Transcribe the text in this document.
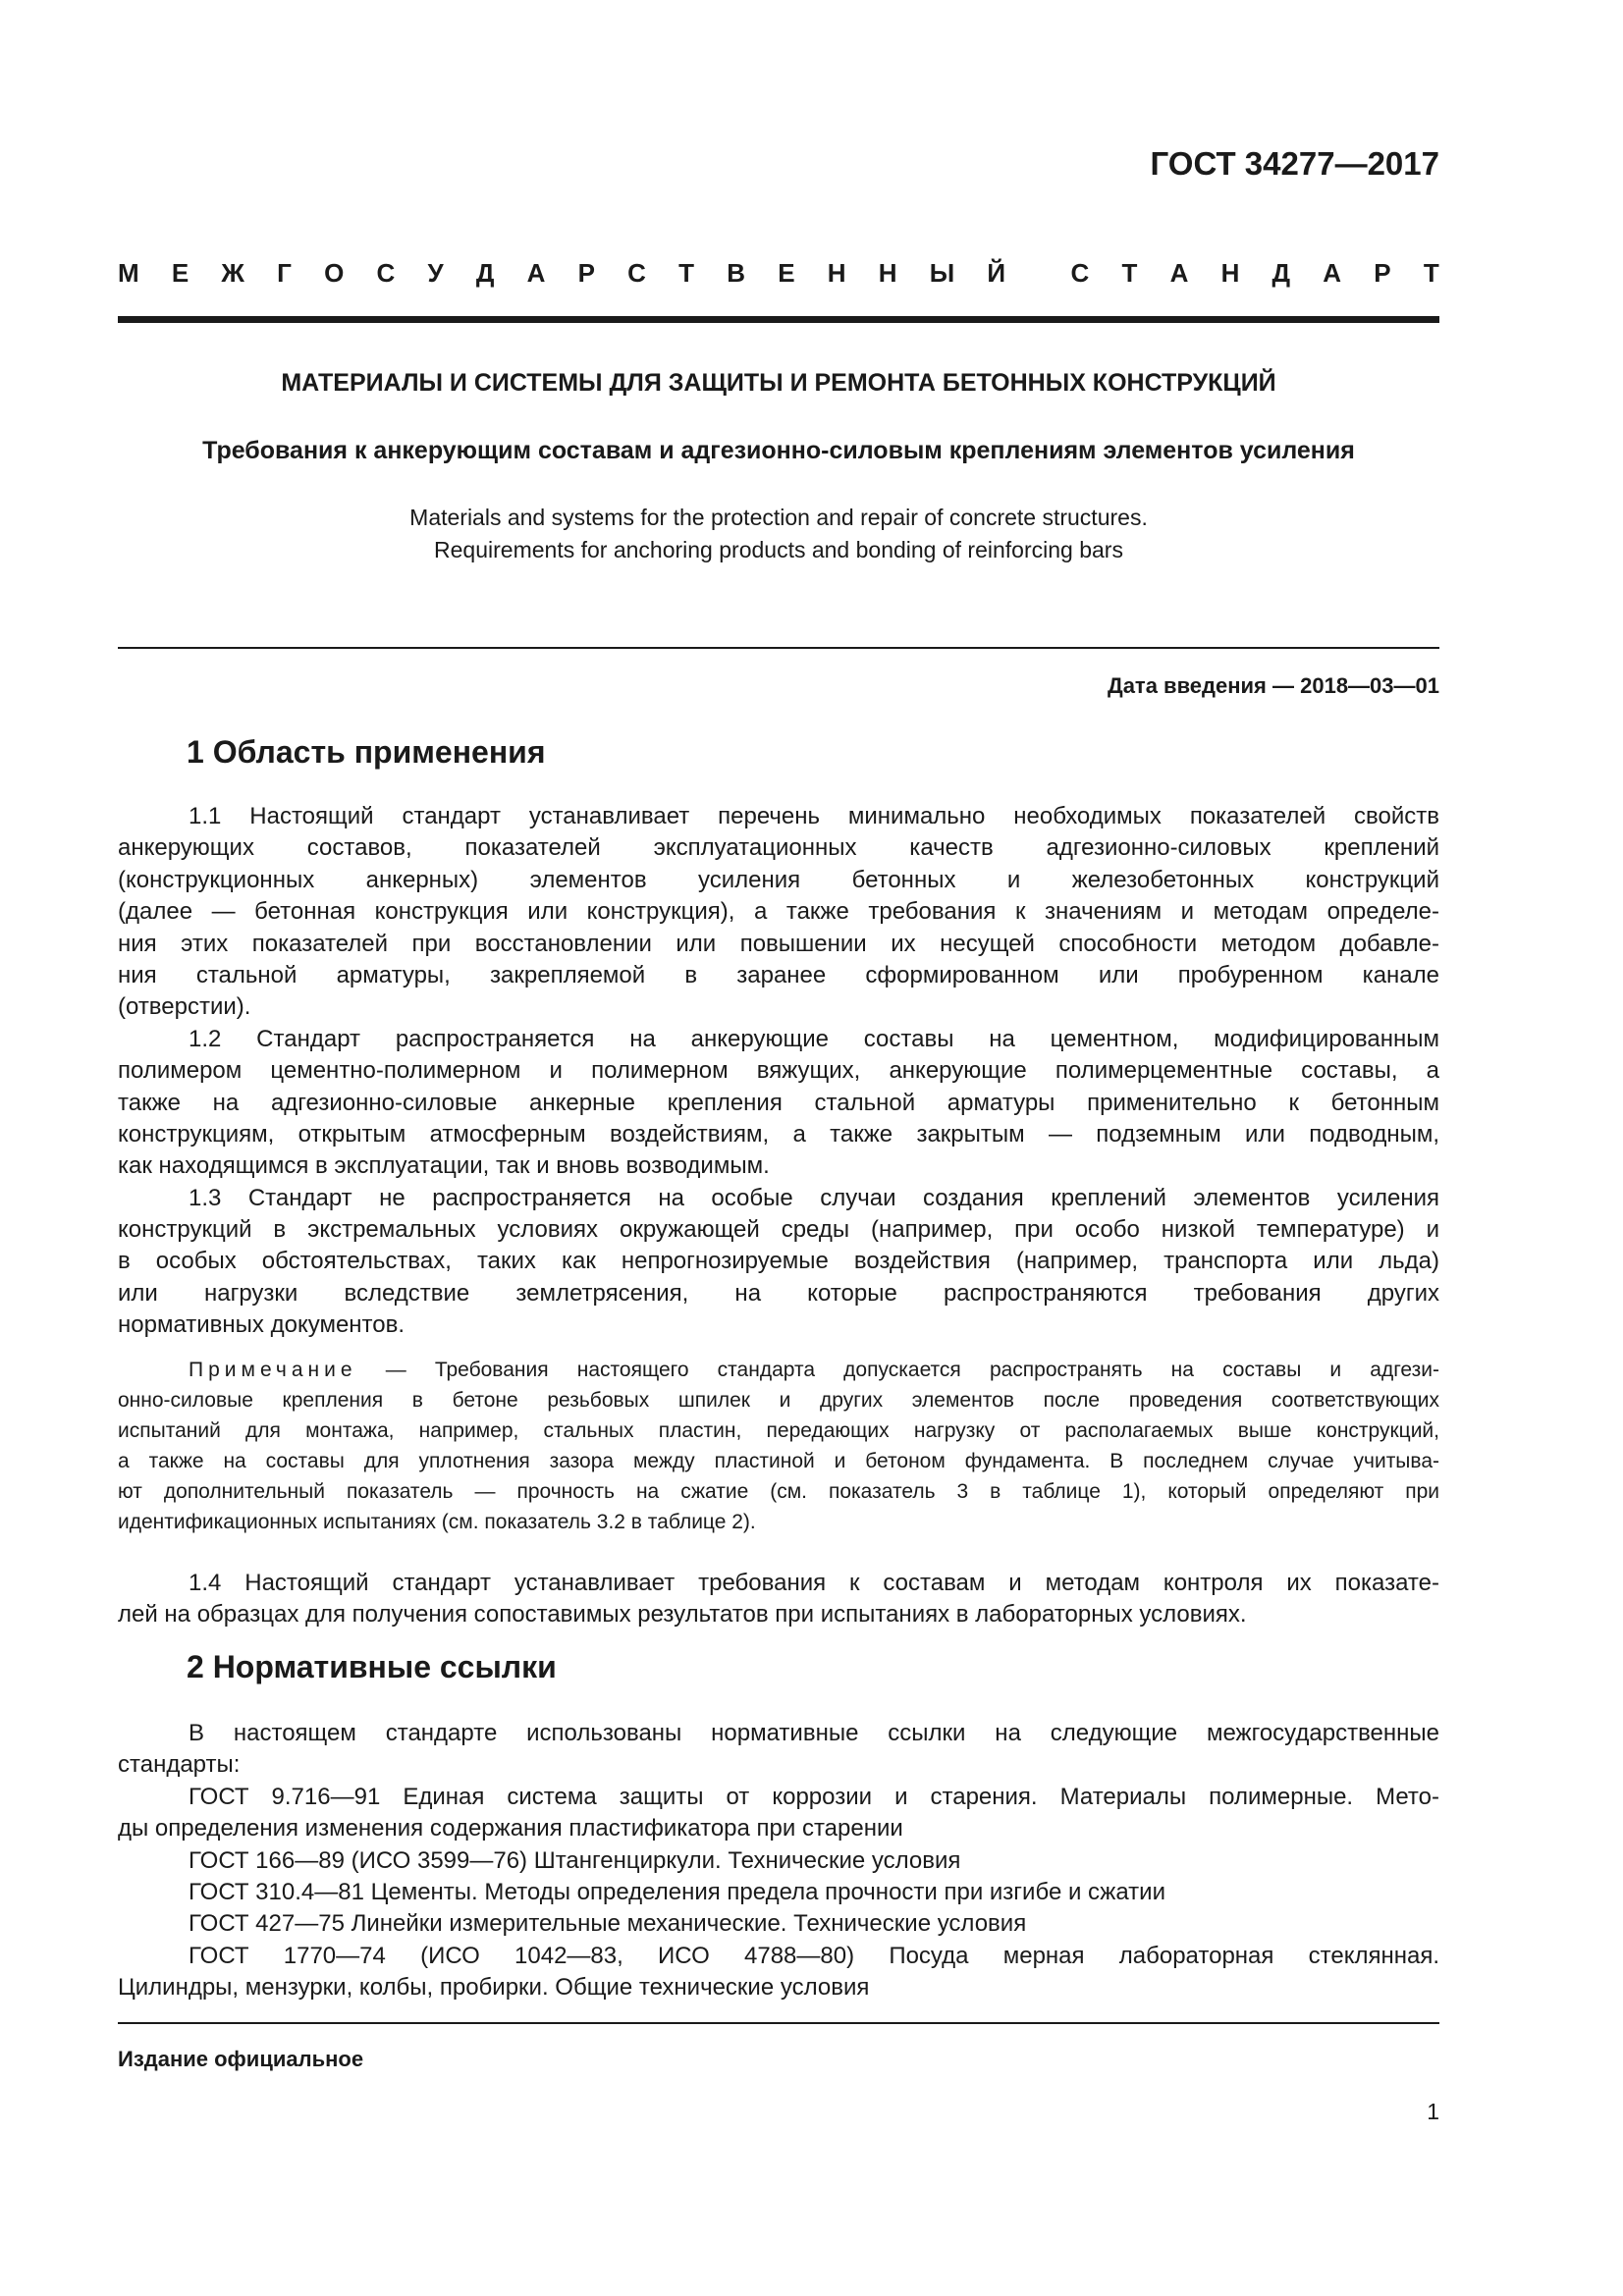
ГОСТ 34277—2017
М Е Ж Г О С У Д А Р С Т В Е Н Н Ы Й	С Т А Н Д А Р Т
МАТЕРИАЛЫ И СИСТЕМЫ ДЛЯ ЗАЩИТЫ И РЕМОНТА БЕТОННЫХ КОНСТРУКЦИЙ
Требования к анкерующим составам и адгезионно-силовым креплениям элементов усиления
Materials and systems for the protection and repair of concrete structures.
Requirements for anchoring products and bonding of reinforcing bars
Дата введения — 2018—03—01
1 Область применения
1.1 Настоящий стандарт устанавливает перечень минимально необходимых показателей свойств
анкерующих составов, показателей эксплуатационных качеств адгезионно-силовых креплений
(конструкционных анкерных) элементов усиления бетонных и железобетонных конструкций
(далее — бетонная конструкция или конструкция), а также требования к значениям и методам определе-
ния этих показателей при восстановлении или повышении их несущей способности методом добавле-
ния стальной арматуры, закрепляемой в заранее сформированном или пробуренном канале
(отверстии).
1.2 Стандарт распространяется на анкерующие составы на цементном, модифицированным
полимером цементно-полимерном и полимерном вяжущих, анкерующие полимерцементные составы, а
также на адгезионно-силовые анкерные крепления стальной арматуры применительно к бетонным
конструкциям, открытым атмосферным воздействиям, а также закрытым — подземным или подводным,
как находящимся в эксплуатации, так и вновь возводимым.
1.3 Стандарт не распространяется на особые случаи создания креплений элементов усиления
конструкций в экстремальных условиях окружающей среды (например, при особо низкой температуре) и
в особых обстоятельствах, таких как непрогнозируемые воздействия (например, транспорта или льда)
или нагрузки вследствие землетрясения, на которые распространяются требования других
нормативных документов.
Примечание — Требования настоящего стандарта допускается распространять на составы и адгези-
онно-силовые крепления в бетоне резьбовых шпилек и других элементов после проведения соответствующих
испытаний для монтажа, например, стальных пластин, передающих нагрузку от располагаемых выше конструкций,
а также на составы для уплотнения зазора между пластиной и бетоном фундамента. В последнем случае учитыва-
ют дополнительный показатель — прочность на сжатие (см. показатель 3 в таблице 1), который определяют при
идентификационных испытаниях (см. показатель 3.2 в таблице 2).
1.4 Настоящий стандарт устанавливает требования к составам и методам контроля их показате-
лей на образцах для получения сопоставимых результатов при испытаниях в лабораторных условиях.
2 Нормативные ссылки
В настоящем стандарте использованы нормативные ссылки на следующие межгосударственные
стандарты:
ГОСТ 9.716—91 Единая система защиты от коррозии и старения. Материалы полимерные. Мето-
ды определения изменения содержания пластификатора при старении
ГОСТ 166—89 (ИСО 3599—76) Штангенциркули. Технические условия
ГОСТ 310.4—81 Цементы. Методы определения предела прочности при изгибе и сжатии
ГОСТ 427—75 Линейки измерительные механические. Технические условия
ГОСТ 1770—74 (ИСО 1042—83, ИСО 4788—80) Посуда мерная лабораторная стеклянная.
Цилиндры, мензурки, колбы, пробирки. Общие технические условия
Издание официальное
1
